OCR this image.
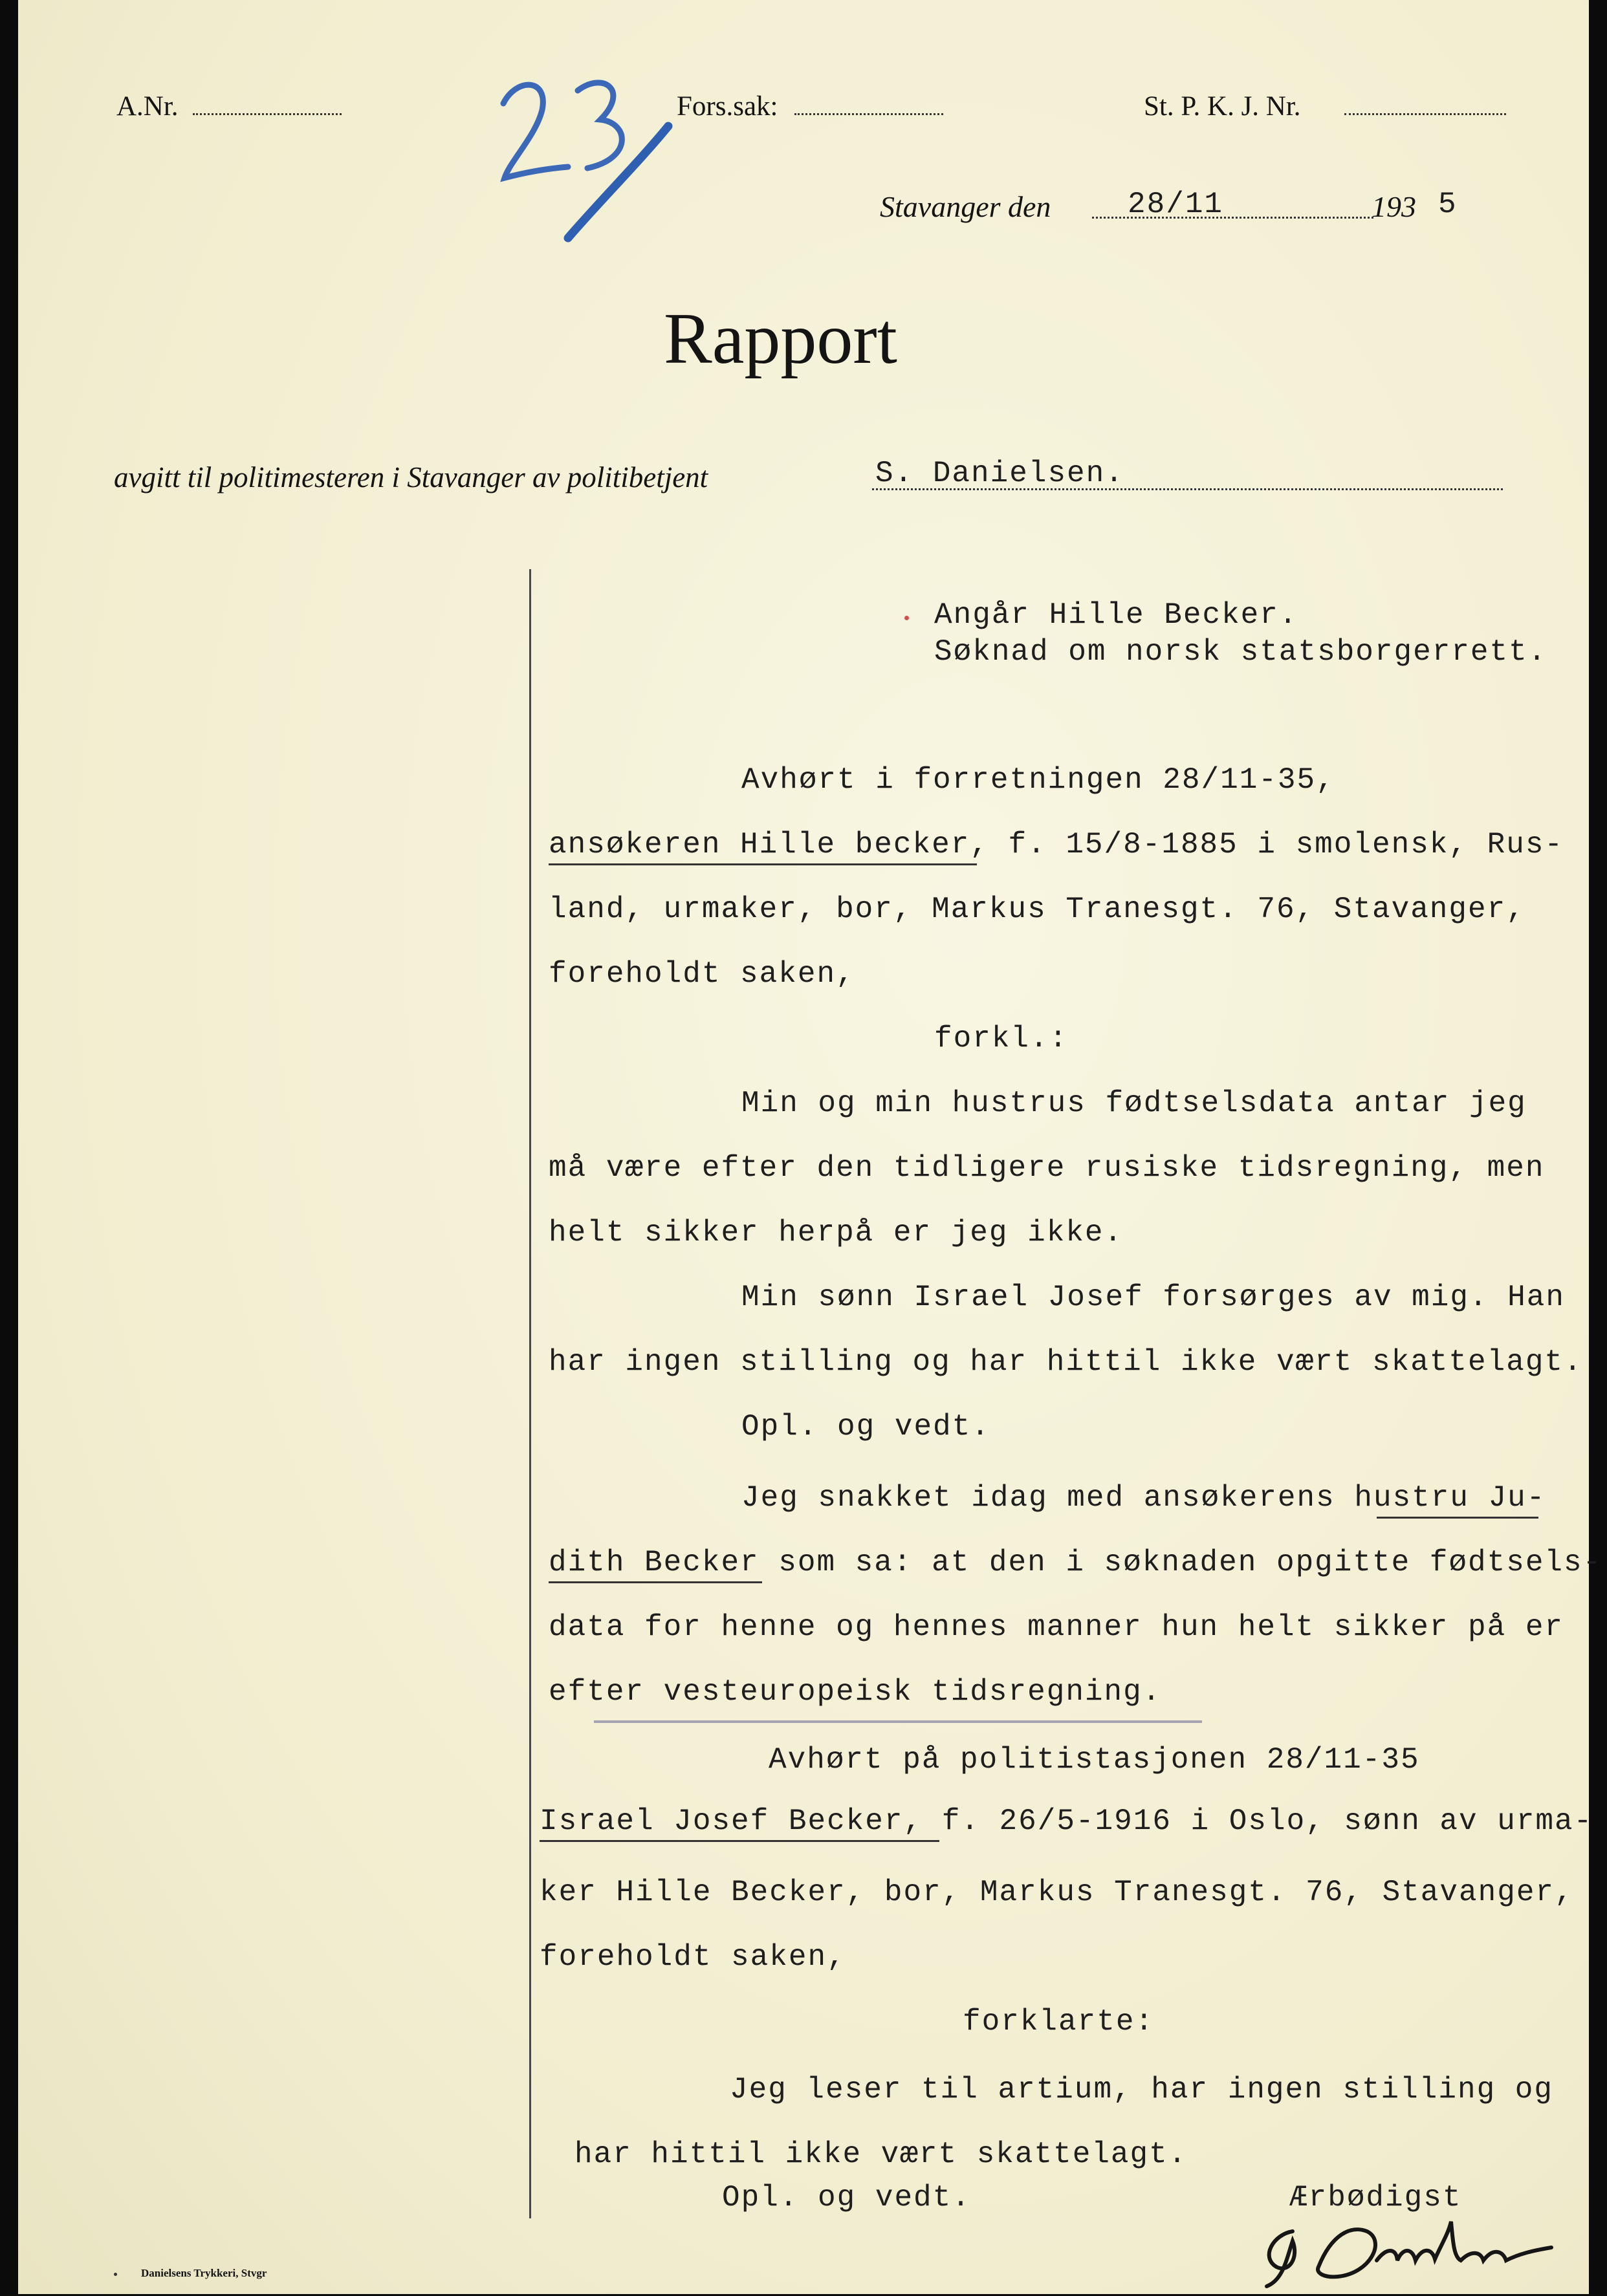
A.Nr.	Fors.sak:	St. P. K. J. Nr.
Stavanger den	28/11	193 5
Rapport
avgitt til politimesteren i Stavanger av politibetjent	S. Danielsen.
Angår Hille Becker.
Søknad om norsk statsborgerrett.
Avhørt i forretningen 28/11-35,
ansøkeren Hille becker, f. 15/8-1885 i smolensk, Rus-
land, urmaker, bor, Markus Tranesgt. 76, Stavanger,
foreholdt saken,
forkl.:
Min og min hustrus fødtselsdata antar jeg
må være efter den tidligere rusiske tidsregning, men
helt sikker herpå er jeg ikke.
Min sønn Israel Josef forsørges av mig. Han
har ingen stilling og har hittil ikke vært skattelagt.
Opl. og vedt.
Jeg snakket idag med ansøkerens hustru Ju-
dith Becker som sa: at den i søknaden opgitte fødtsels-
data for henne og hennes manner hun helt sikker på er
efter vesteuropeisk tidsregning.
Avhørt på politistasjonen 28/11-35
Israel Josef Becker, f. 26/5-1916 i Oslo, sønn av urma-
ker Hille Becker, bor, Markus Tranesgt. 76, Stavanger,
foreholdt saken,
forklarte:
Jeg leser til artium, har ingen stilling og
har hittil ikke vært skattelagt.
Opl. og vedt.	Ærbødigst
Danielsens Trykkeri, Stvgr
